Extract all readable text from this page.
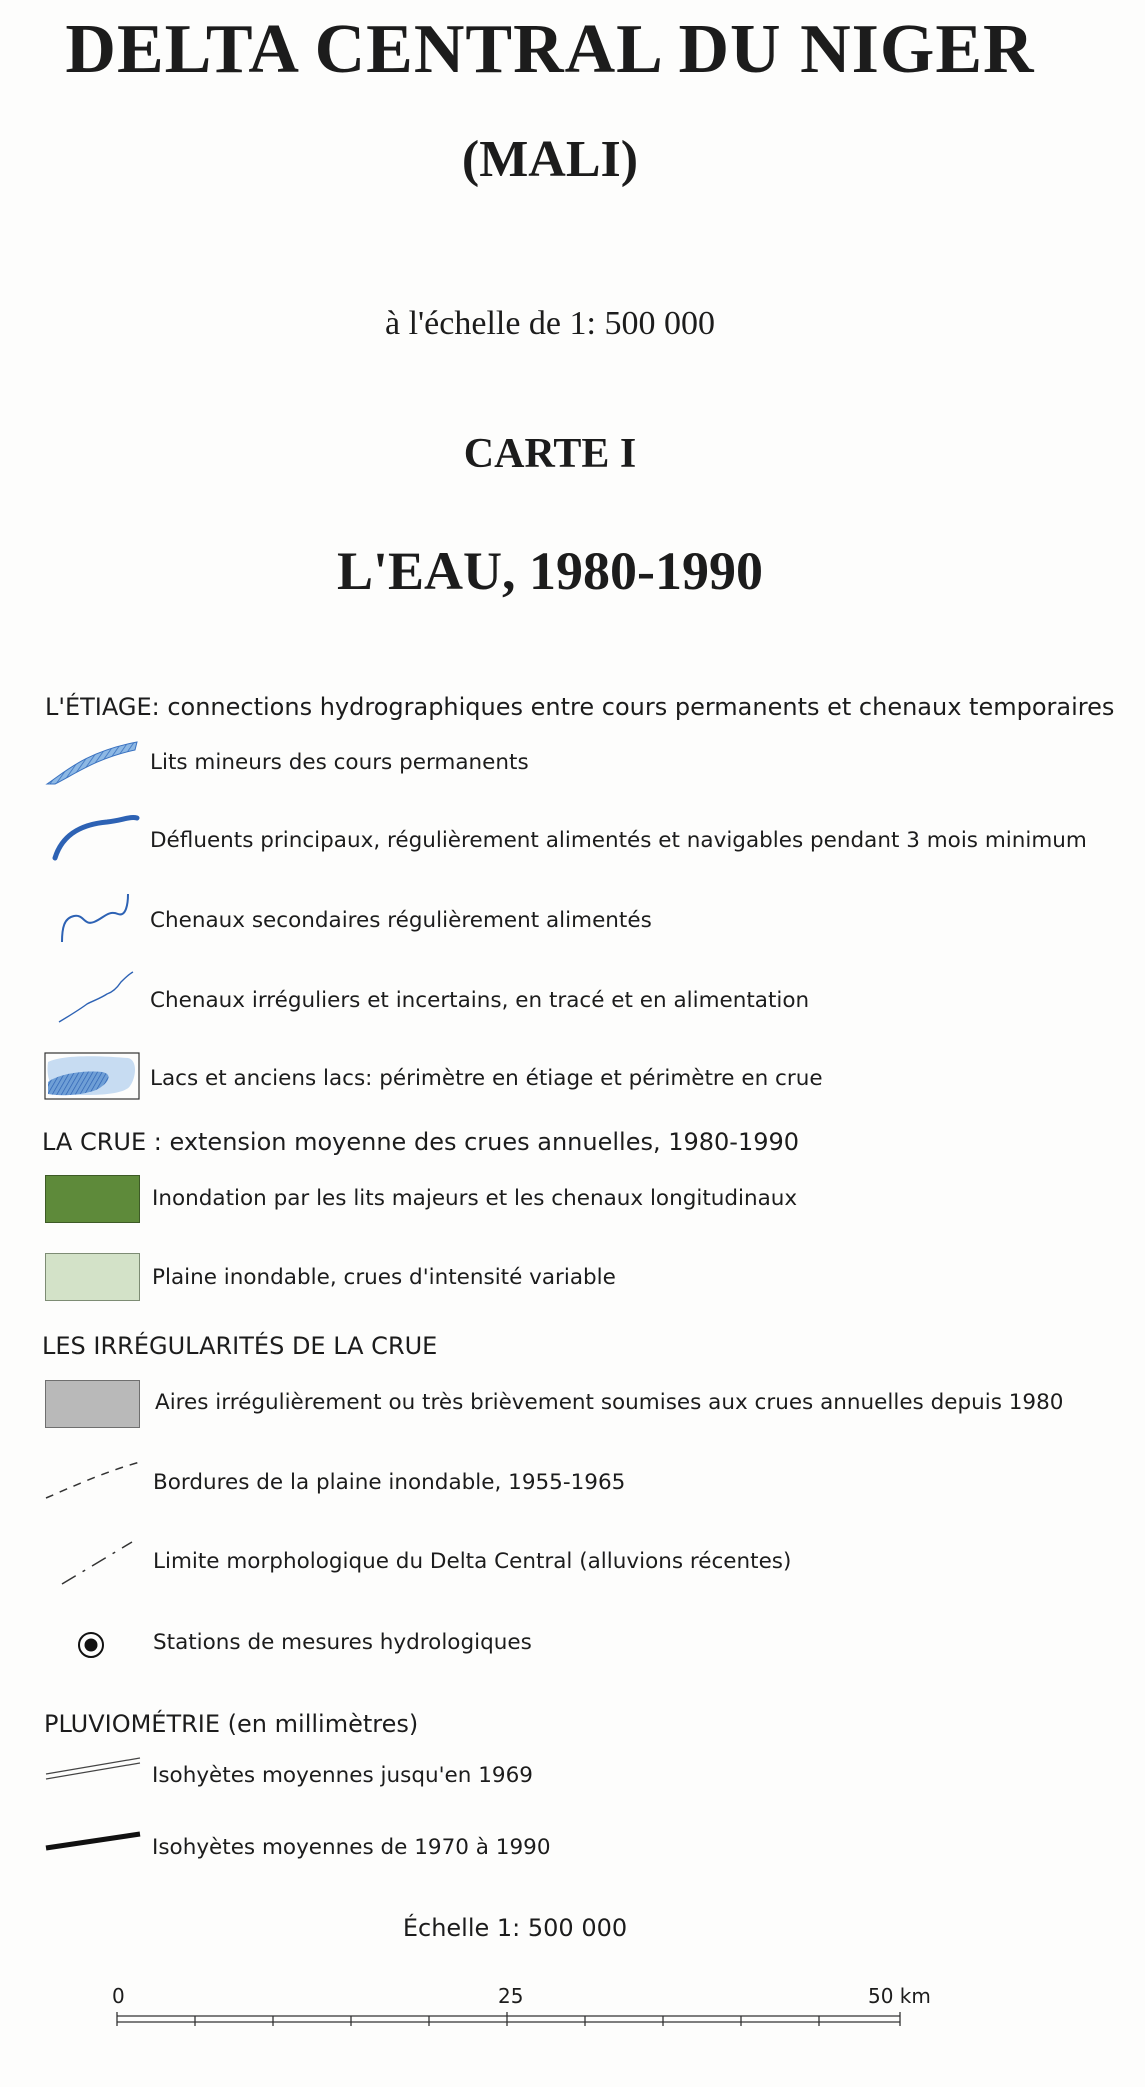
DELTA CENTRAL DU NIGER
(MALI)
à l'échelle de 1: 500 000
CARTE I
L'EAU, 1980-1990
L'ÉTIAGE: connections hydrographiques entre cours permanents et chenaux temporaires
Lits mineurs des cours permanents
Défluents principaux, régulièrement alimentés et navigables pendant 3 mois minimum
Chenaux secondaires régulièrement alimentés
Chenaux irréguliers et incertains, en tracé et en alimentation
Lacs et anciens lacs: périmètre en étiage et périmètre en crue
LA CRUE : extension moyenne des crues annuelles, 1980-1990
Inondation par les lits majeurs et les chenaux longitudinaux
Plaine inondable, crues d'intensité variable
LES IRRÉGULARITÉS DE LA CRUE
Aires irrégulièrement ou très brièvement soumises aux crues annuelles depuis 1980
Bordures de la plaine inondable, 1955-1965
Limite morphologique du Delta Central (alluvions récentes)
Stations de mesures hydrologiques
PLUVIOMÉTRIE (en millimètres)
Isohyètes moyennes jusqu'en 1969
Isohyètes moyennes de 1970 à 1990
Échelle 1: 500 000
0	25	50 km
